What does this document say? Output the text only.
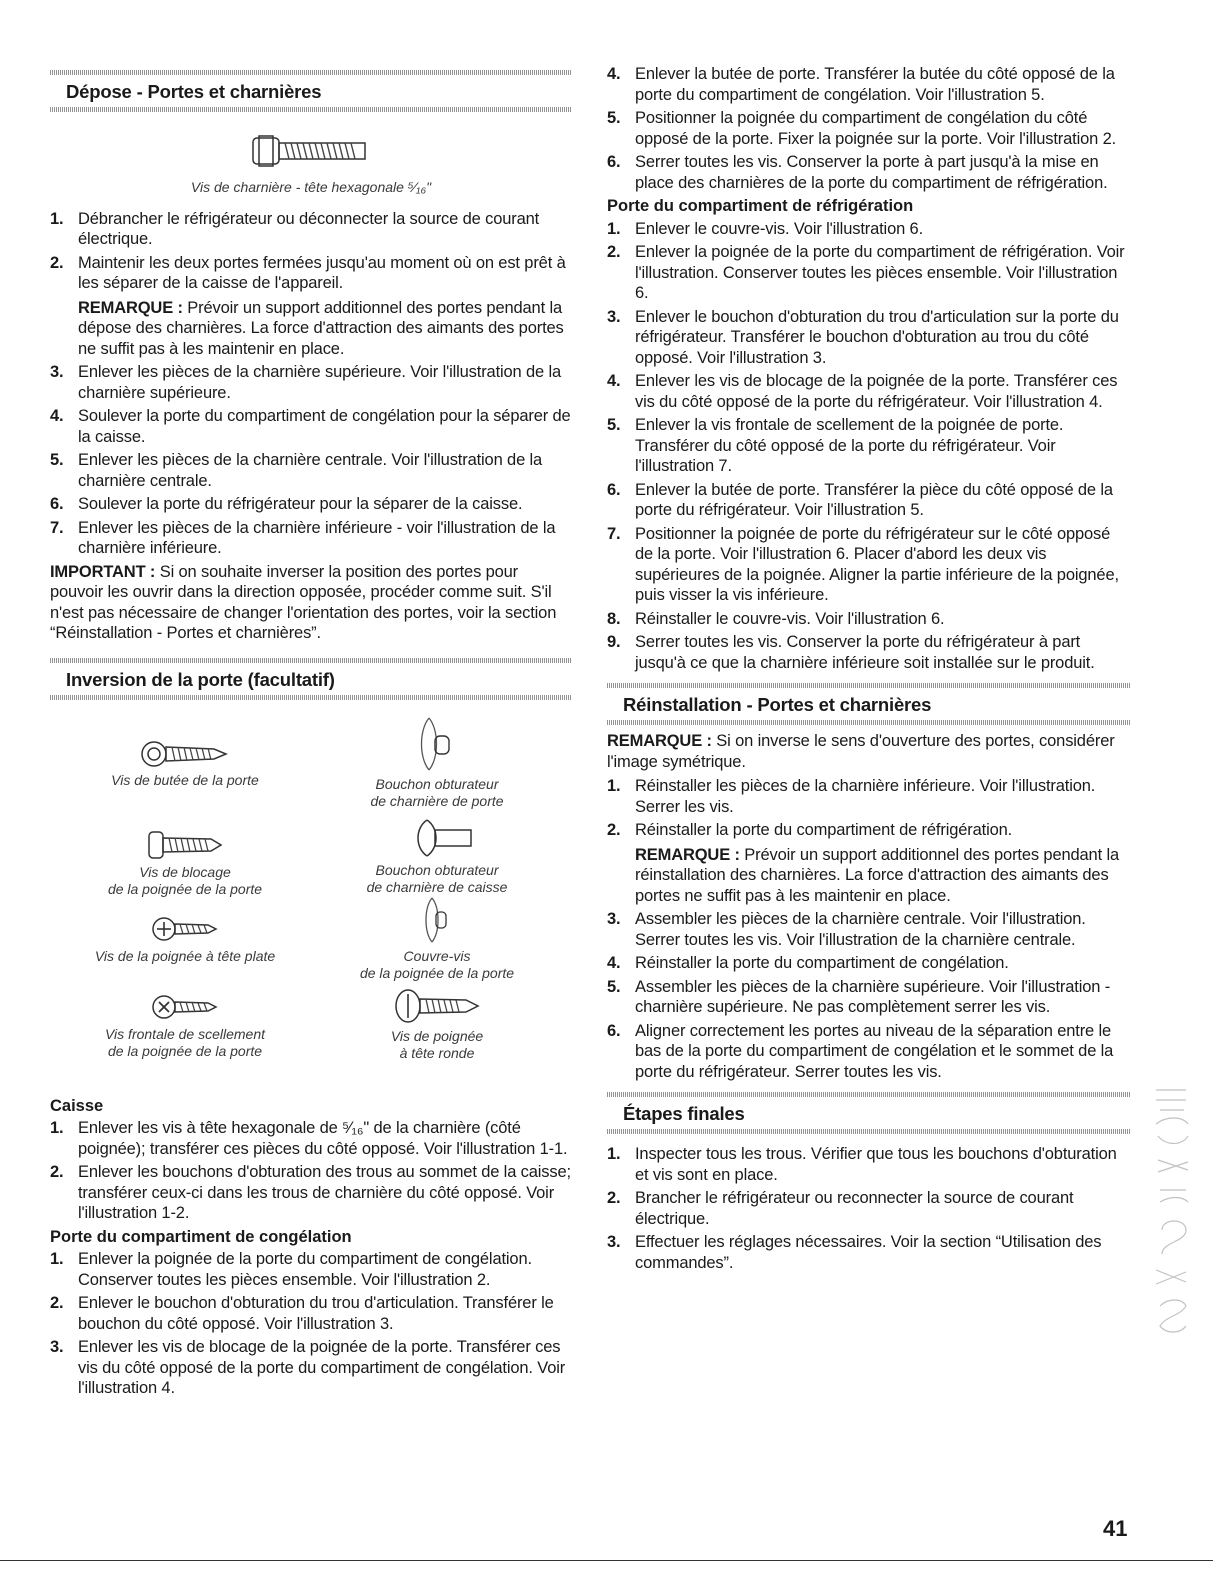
Dépose - Portes et charnières
Vis de charnière - tête hexagonale ⁵⁄₁₆"
1. Débrancher le réfrigérateur ou déconnecter la source de courant électrique.
2. Maintenir les deux portes fermées jusqu'au moment où on est prêt à les séparer de la caisse de l'appareil.
REMARQUE : Prévoir un support additionnel des portes pendant la dépose des charnières. La force d'attraction des aimants des portes ne suffit pas à les maintenir en place.
3. Enlever les pièces de la charnière supérieure. Voir l'illustration de la charnière supérieure.
4. Soulever la porte du compartiment de congélation pour la séparer de la caisse.
5. Enlever les pièces de la charnière centrale. Voir l'illustration de la charnière centrale.
6. Soulever la porte du réfrigérateur pour la séparer de la caisse.
7. Enlever les pièces de la charnière inférieure - voir l'illustration de la charnière inférieure.

IMPORTANT : Si on souhaite inverser la position des portes pour pouvoir les ouvrir dans la direction opposée, procéder comme suit. S'il n'est pas nécessaire de changer l'orientation des portes, voir la section “Réinstallation - Portes et charnières”.

Inversion de la porte (facultatif)
Vis de butée de la porte	Bouchon obturateur
de charnière de porte
Vis de blocage
de la poignée de la porte
Bouchon obturateur
de charnière de caisse
Vis de la poignée à tête plate	Couvre-vis
de la poignée de la porte
Vis frontale de scellement
de la poignée de la porte
Vis de poignée
à tête ronde
Caisse
1. Enlever les vis à tête hexagonale de ⁵⁄₁₆" de la charnière (côté poignée); transférer ces pièces du côté opposé. Voir l'illustration 1-1.
2. Enlever les bouchons d'obturation des trous au sommet de la caisse; transférer ceux-ci dans les trous de charnière du côté opposé. Voir l'illustration 1-2.
Porte du compartiment de congélation
1. Enlever la poignée de la porte du compartiment de congélation. Conserver toutes les pièces ensemble. Voir l'illustration 2.
2. Enlever le bouchon d'obturation du trou d'articulation. Transférer le bouchon du côté opposé. Voir l'illustration 3.
3. Enlever les vis de blocage de la poignée de la porte. Transférer ces vis du côté opposé de la porte du compartiment de congélation. Voir l'illustration 4.
4. Enlever la butée de porte. Transférer la butée du côté opposé de la porte du compartiment de congélation. Voir l'illustration 5.
5. Positionner la poignée du compartiment de congélation du côté opposé de la porte. Fixer la poignée sur la porte. Voir l'illustration 2.
6. Serrer toutes les vis. Conserver la porte à part jusqu'à la mise en place des charnières de la porte du compartiment de réfrigération.
Porte du compartiment de réfrigération
1. Enlever le couvre-vis. Voir l'illustration 6.
2. Enlever la poignée de la porte du compartiment de réfrigération. Voir l'illustration. Conserver toutes les pièces ensemble. Voir l'illustration 6.
3. Enlever le bouchon d'obturation du trou d'articulation sur la porte du réfrigérateur. Transférer le bouchon d'obturation au trou du côté opposé. Voir l'illustration 3.
4. Enlever les vis de blocage de la poignée de la porte. Transférer ces vis du côté opposé de la porte du réfrigérateur. Voir l'illustration 4.
5. Enlever la vis frontale de scellement de la poignée de porte. Transférer du côté opposé de la porte du réfrigérateur. Voir l'illustration 7.
6. Enlever la butée de porte. Transférer la pièce du côté opposé de la porte du réfrigérateur. Voir l'illustration 5.
7. Positionner la poignée de porte du réfrigérateur sur le côté opposé de la porte. Voir l'illustration 6. Placer d'abord les deux vis supérieures de la poignée. Aligner la partie inférieure de la poignée, puis visser la vis inférieure.
8. Réinstaller le couvre-vis. Voir l'illustration 6.
9. Serrer toutes les vis. Conserver la porte du réfrigérateur à part jusqu'à ce que la charnière inférieure soit installée sur le produit.
Réinstallation - Portes et charnières

REMARQUE : Si on inverse le sens d'ouverture des portes, considérer l'image symétrique.

1. Réinstaller les pièces de la charnière inférieure. Voir l'illustration. Serrer les vis.
2. Réinstaller la porte du compartiment de réfrigération.
REMARQUE : Prévoir un support additionnel des portes pendant la réinstallation des charnières. La force d'attraction des aimants des portes ne suffit pas à les maintenir en place.
3. Assembler les pièces de la charnière centrale. Voir l'illustration. Serrer toutes les vis. Voir l'illustration de la charnière centrale.
4. Réinstaller la porte du compartiment de congélation.
5. Assembler les pièces de la charnière supérieure. Voir l'illustration - charnière supérieure. Ne pas complètement serrer les vis.
6. Aligner correctement les portes au niveau de la séparation entre le bas de la porte du compartiment de congélation et le sommet de la porte du réfrigérateur. Serrer toutes les vis.
Étapes finales
1. Inspecter tous les trous. Vérifier que tous les bouchons d'obturation et vis sont en place.
2. Brancher le réfrigérateur ou reconnecter la source de courant électrique.
3. Effectuer les réglages nécessaires. Voir la section “Utilisation des commandes”.
41
